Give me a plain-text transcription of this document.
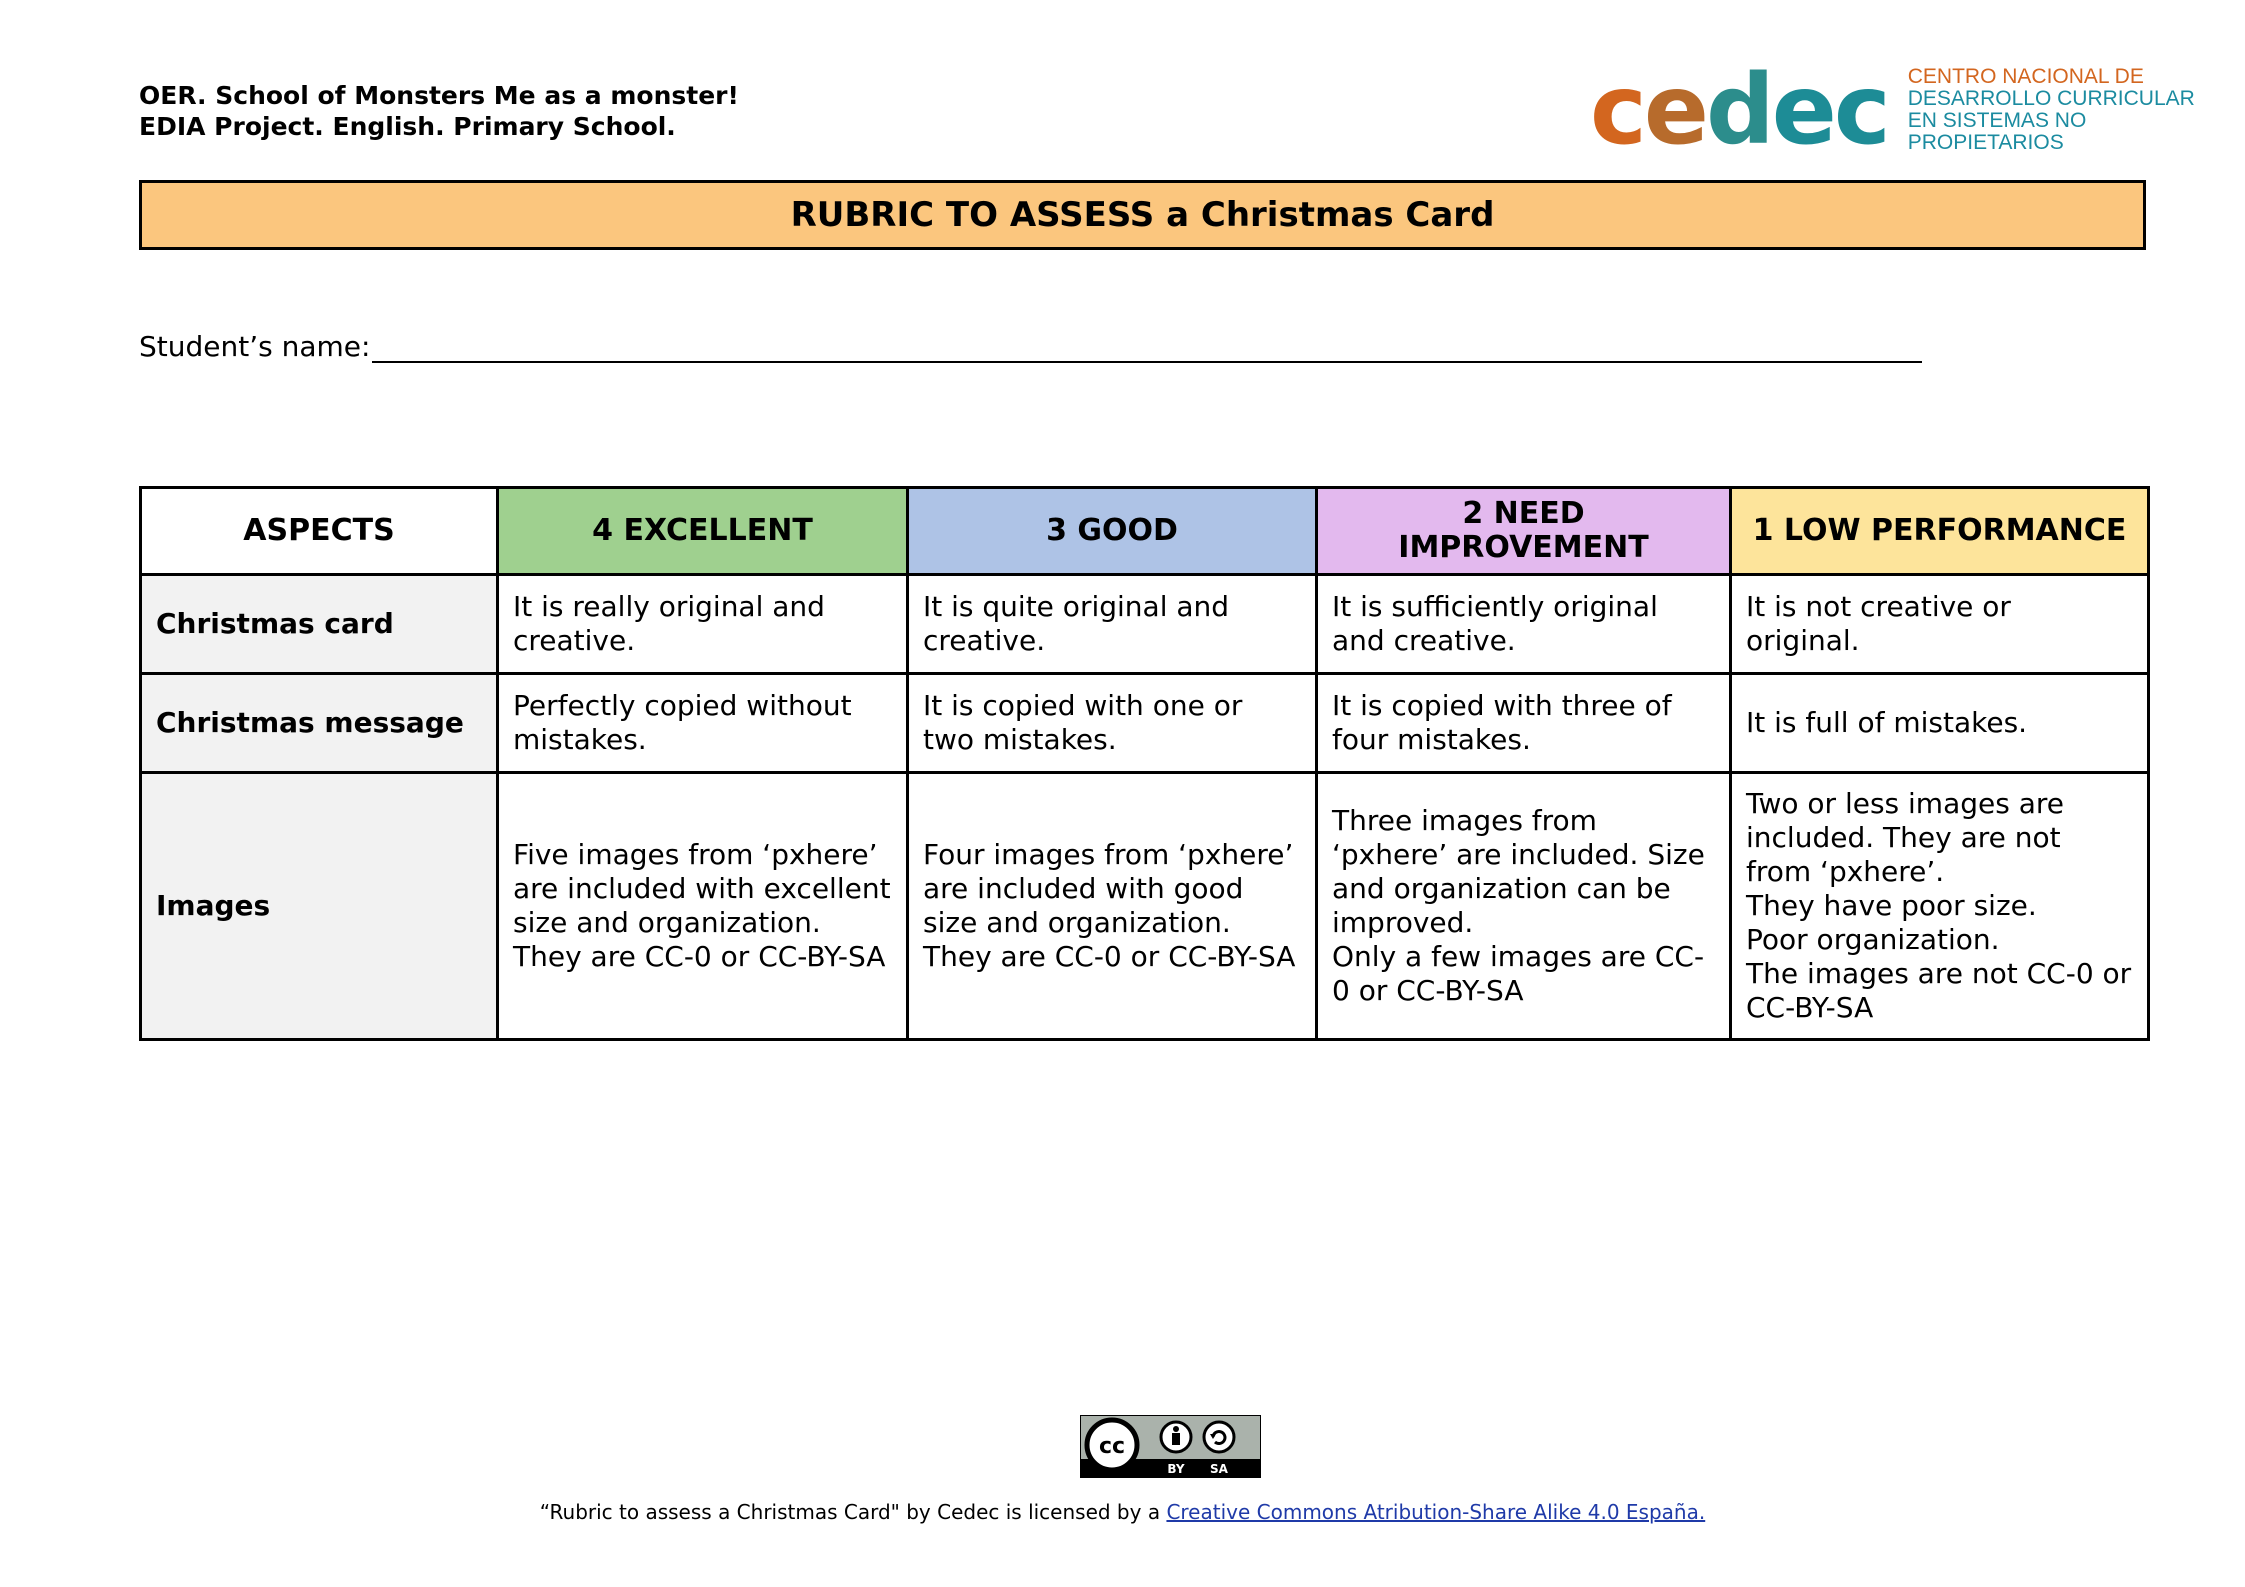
OER. School of Monsters Me as a monster!
EDIA Project. English. Primary School.	cedec CENTRO NACIONAL DE
DESARROLLO CURRICULAR
EN SISTEMAS NO PROPIETARIOS
RUBRIC TO ASSESS a Christmas Card
Student’s name:
ASPECTS	4 EXCELLENT	3 GOOD	2 NEED IMPROVEMENT	1 LOW PERFORMANCE
Christmas card	It is really original and creative.	It is quite original and creative.	It is sufficiently original and creative.	It is not creative or original.

Christmas message	Perfectly copied without mistakes.	It is copied with one or two mistakes.	It is copied with three of four mistakes.	It is full of mistakes.

Images	Five images from ‘pxhere’ are included with excellent size and organization.
They are CC-0 or CC-BY-SA	Four images from ‘pxhere’ are included with good size and organization.
They are CC-0 or CC-BY-SA	Three images from ‘pxhere’ are included. Size and organization can be improved.
Only a few images are CC-0 or CC-BY-SA	Two or less images are included. They are not from ‘pxhere’.
They have poor size.
Poor organization.
The images are not CC-0 or CC-BY-SA
cc
BY SA
“Rubric to assess a Christmas Card" by Cedec is licensed by a Creative Commons Atribution-Share Alike 4.0 España.
